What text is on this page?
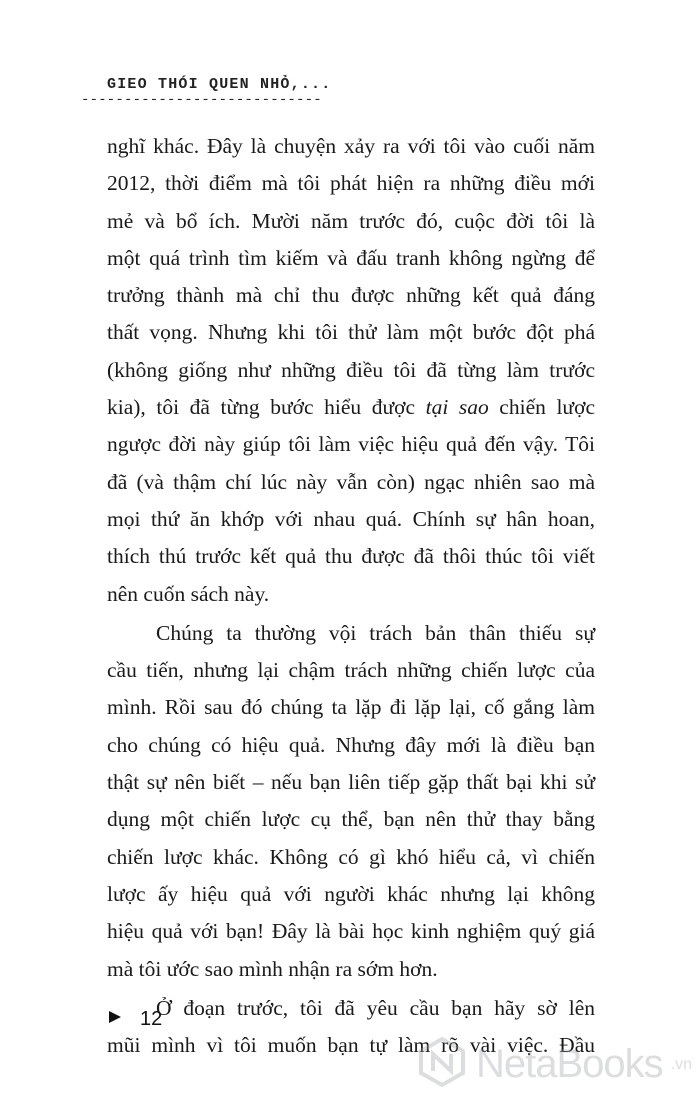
GIEO THÓI QUEN NHỎ,...
----------------------------
nghĩ khác. Đây là chuyện xảy ra với tôi vào cuối năm
2012, thời điểm mà tôi phát hiện ra những điều mới
mẻ và bổ ích. Mười năm trước đó, cuộc đời tôi là
một quá trình tìm kiếm và đấu tranh không ngừng để
trưởng thành mà chỉ thu được những kết quả đáng
thất vọng. Nhưng khi tôi thử làm một bước đột phá
(không giống như những điều tôi đã từng làm trước
kia), tôi đã từng bước hiểu được tại sao chiến lược
ngược đời này giúp tôi làm việc hiệu quả đến vậy. Tôi
đã (và thậm chí lúc này vẫn còn) ngạc nhiên sao mà
mọi thứ ăn khớp với nhau quá. Chính sự hân hoan,
thích thú trước kết quả thu được đã thôi thúc tôi viết
nên cuốn sách này.
Chúng ta thường vội trách bản thân thiếu sự
cầu tiến, nhưng lại chậm trách những chiến lược của
mình. Rồi sau đó chúng ta lặp đi lặp lại, cố gắng làm
cho chúng có hiệu quả. Nhưng đây mới là điều bạn
thật sự nên biết – nếu bạn liên tiếp gặp thất bại khi sử
dụng một chiến lược cụ thể, bạn nên thử thay bằng
chiến lược khác. Không có gì khó hiểu cả, vì chiến
lược ấy hiệu quả với người khác nhưng lại không
hiệu quả với bạn! Đây là bài học kinh nghiệm quý giá
mà tôi ước sao mình nhận ra sớm hơn.
Ở đoạn trước, tôi đã yêu cầu bạn hãy sờ lên
mũi mình vì tôi muốn bạn tự làm rõ vài việc. Đầu
12
NetaBooks .vn
